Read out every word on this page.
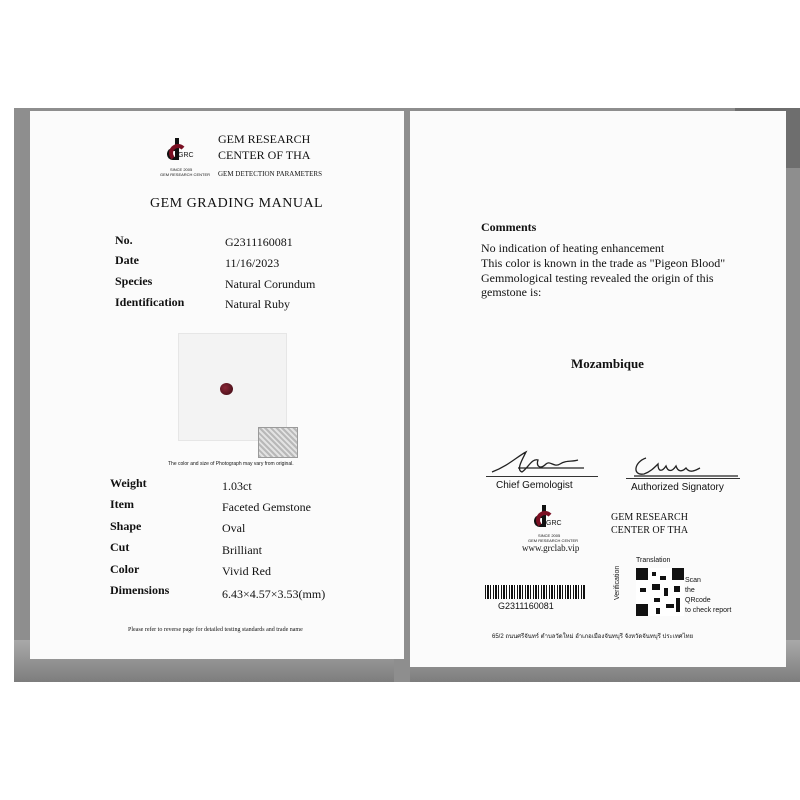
GRC
SINCE 2005
GEM RESEARCH CENTER
GEM RESEARCH
CENTER OF THA
GEM DETECTION PARAMETERS
GEM GRADING MANUAL
No.	G2311160081
Date	11/16/2023
Species	Natural Corundum
Identification	Natural Ruby
The color and size of Photograph may vary from original.
Weight	1.03ct
Item	Faceted Gemstone
Shape	Oval
Cut	Brilliant
Color	Vivid Red
Dimensions	6.43×4.57×3.53(mm)
Please refer to reverse page for detailed testing standards and trade name
Comments
No indication of heating enhancement
This color is known in the trade as "Pigeon Blood"
Gemmological testing revealed the origin of this
gemstone is:
Mozambique
Chief Gemologist	Authorized Signatory
GRC
SINCE 2005
GEM RESEARCH CENTER
www.grclab.vip
GEM RESEARCH
CENTER OF THA
G2311160081
Verification
Translation
Scan
the
QRcode
to check report
65/2 ถนนศรีจันทร์ ตำบลวัดใหม่ อำเภอเมืองจันทบุรี จังหวัดจันทบุรี ประเทศไทย
